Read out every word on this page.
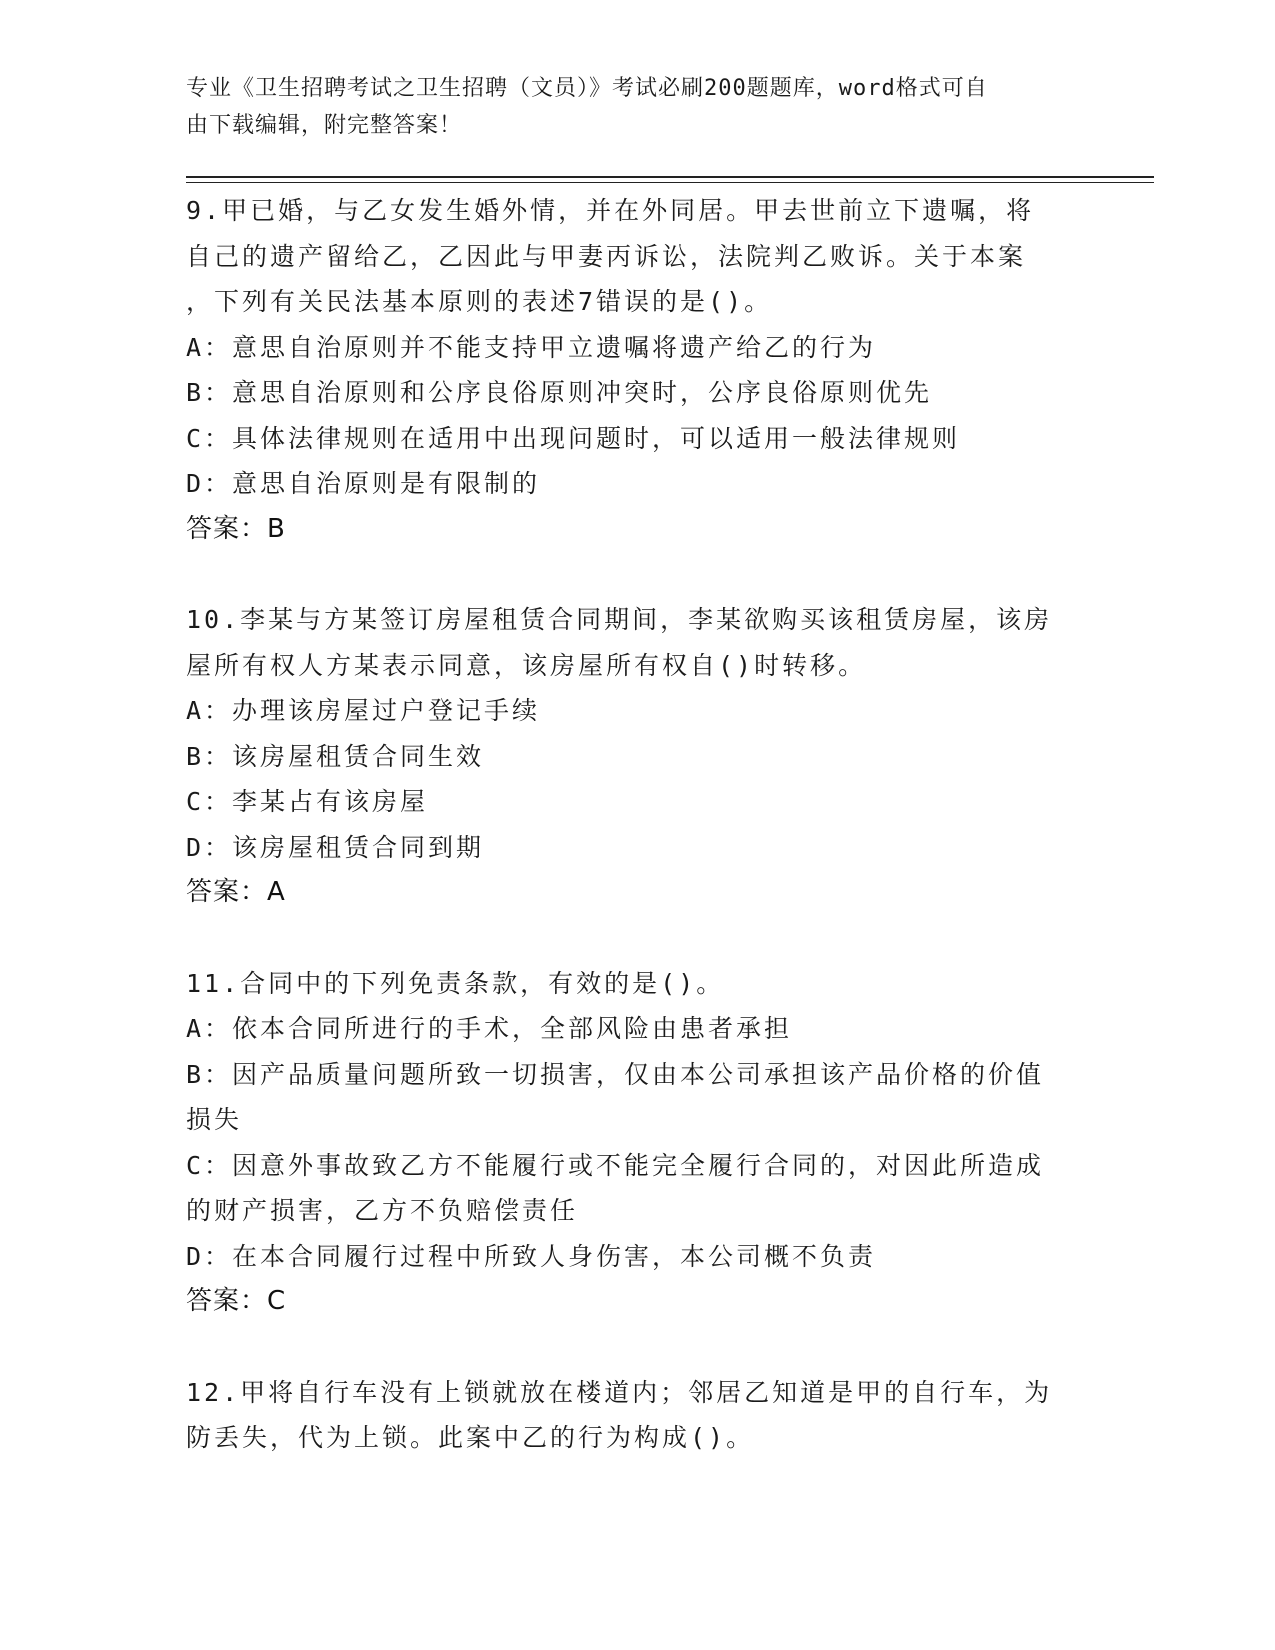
专业《卫生招聘考试之卫生招聘（文员）》考试必刷200题题库，word格式可自
由下载编辑，附完整答案！
9.甲已婚，与乙女发生婚外情，并在外同居。甲去世前立下遗嘱，将
自己的遗产留给乙，乙因此与甲妻丙诉讼，法院判乙败诉。关于本案
，下列有关民法基本原则的表述7错误的是()。
A：意思自治原则并不能支持甲立遗嘱将遗产给乙的行为
B：意思自治原则和公序良俗原则冲突时，公序良俗原则优先
C：具体法律规则在适用中出现问题时，可以适用一般法律规则
D：意思自治原则是有限制的
答案：B
10.李某与方某签订房屋租赁合同期间，李某欲购买该租赁房屋，该房
屋所有权人方某表示同意，该房屋所有权自()时转移。
A：办理该房屋过户登记手续
B：该房屋租赁合同生效
C：李某占有该房屋
D：该房屋租赁合同到期
答案：A
11.合同中的下列免责条款，有效的是()。
A：依本合同所进行的手术，全部风险由患者承担
B：因产品质量问题所致一切损害，仅由本公司承担该产品价格的价值
损失
C：因意外事故致乙方不能履行或不能完全履行合同的，对因此所造成
的财产损害，乙方不负赔偿责任
D：在本合同履行过程中所致人身伤害，本公司概不负责
答案：C
12.甲将自行车没有上锁就放在楼道内；邻居乙知道是甲的自行车，为
防丢失，代为上锁。此案中乙的行为构成()。
